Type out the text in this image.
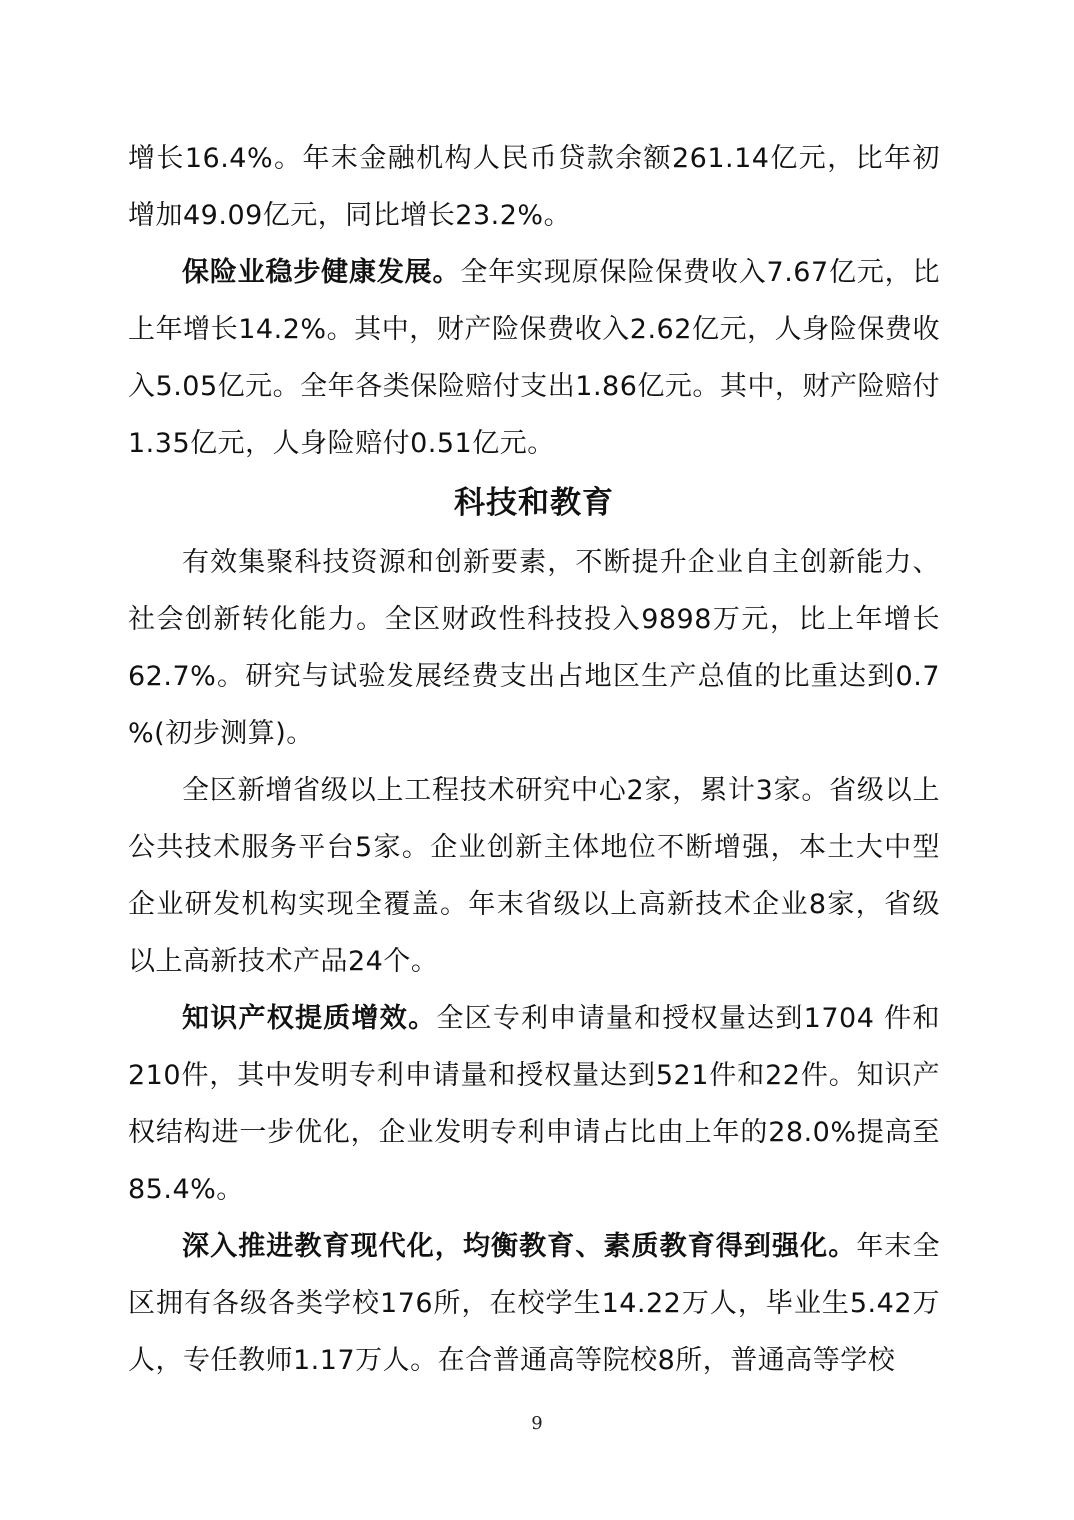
增长16.4%。年末金融机构人民币贷款余额261.14亿元，比年初增加49.09亿元，同比增长23.2%。

保险业稳步健康发展。全年实现原保险保费收入7.67亿元，比上年增长14.2%。其中，财产险保费收入2.62亿元，人身险保费收入5.05亿元。全年各类保险赔付支出1.86亿元。其中，财产险赔付1.35亿元，人身险赔付0.51亿元。

科技和教育

有效集聚科技资源和创新要素，不断提升企业自主创新能力、社会创新转化能力。全区财政性科技投入9898万元，比上年增长 62.7%。研究与试验发展经费支出占地区生产总值的比重达到0.7 %(初步测算)。

全区新增省级以上工程技术研究中心2家，累计3家。省级以上公共技术服务平台5家。企业创新主体地位不断增强，本土大中型企业研发机构实现全覆盖。年末省级以上高新技术企业8家，省级以上高新技术产品24个。

知识产权提质增效。全区专利申请量和授权量达到1704 件和 210件，其中发明专利申请量和授权量达到521件和22件。知识产权结构进一步优化，企业发明专利申请占比由上年的28.0%提高至 85.4%。

深入推进教育现代化，均衡教育、素质教育得到强化。年末全区拥有各级各类学校176所，在校学生14.22万人，毕业生5.42万人，专任教师1.17万人。在合普通高等院校8所，普通高等学校

9
